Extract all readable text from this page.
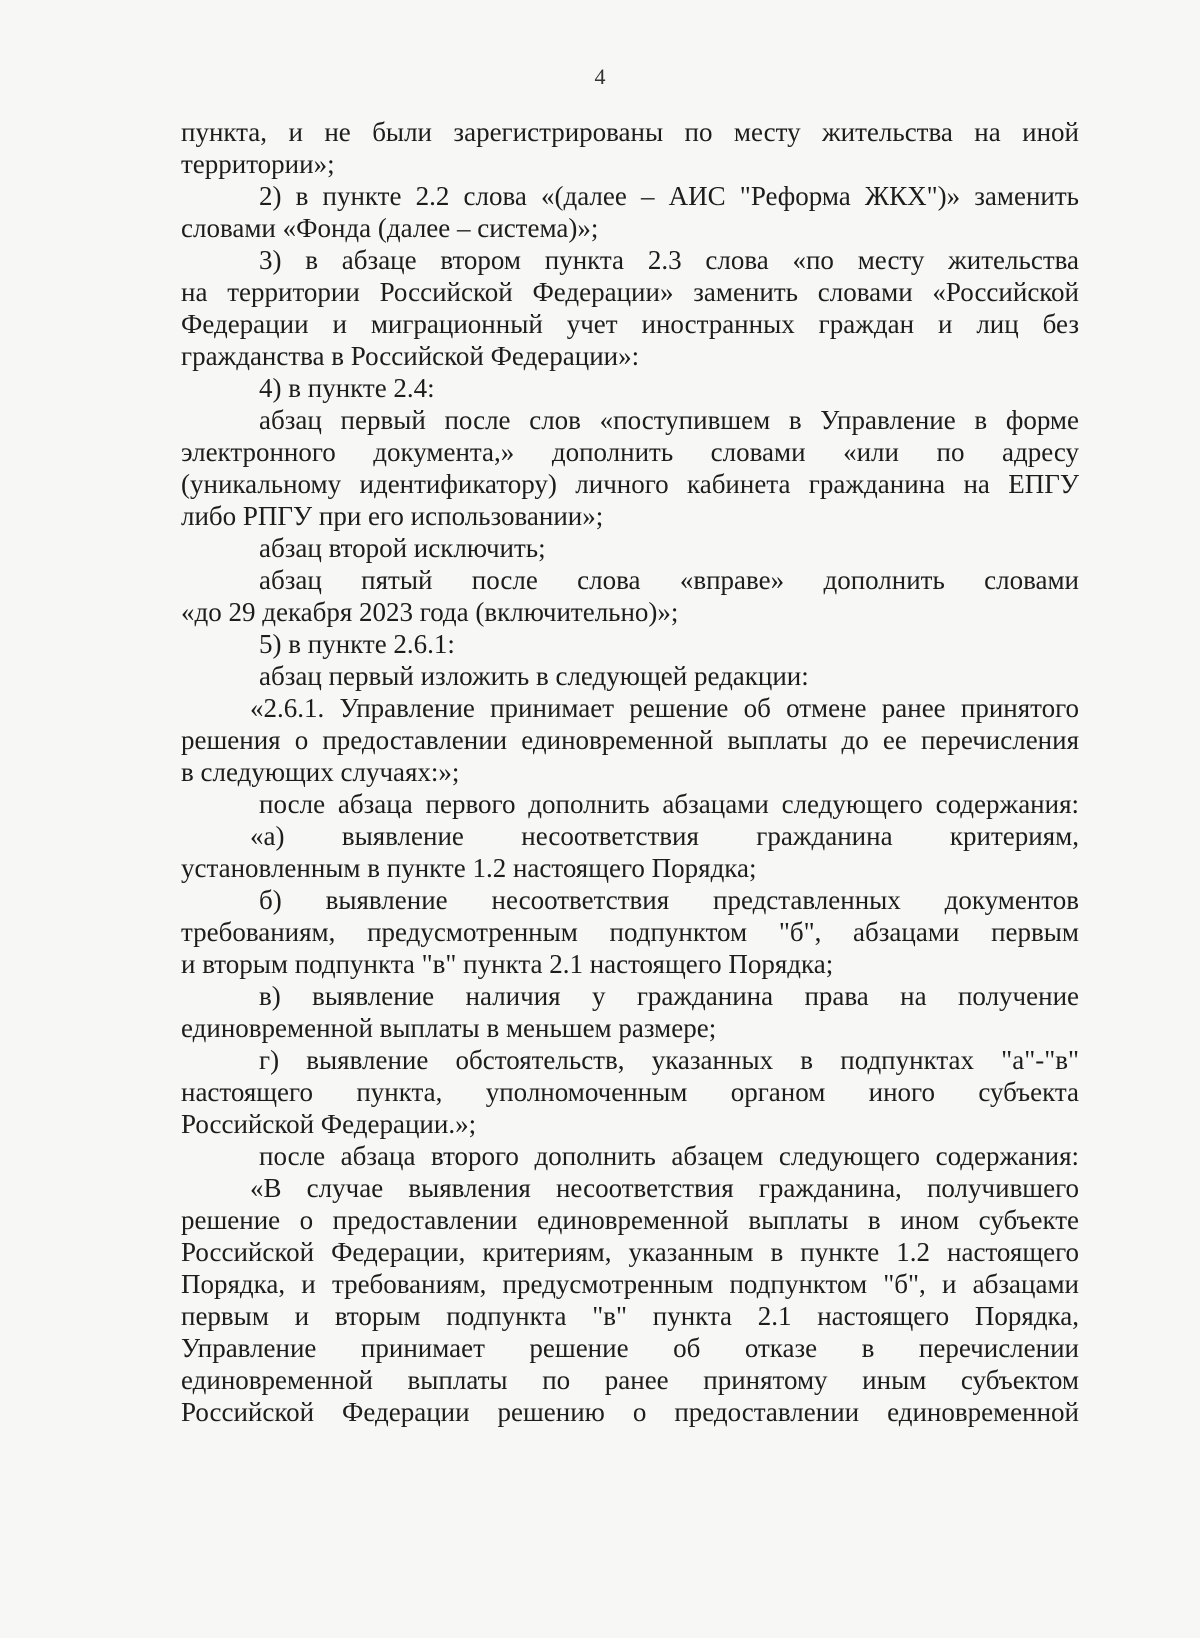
4
пункта, и не были зарегистрированы по месту жительства на иной
территории»;
2) в пункте 2.2 слова «(далее – АИС "Реформа ЖКХ")» заменить
словами «Фонда (далее – система)»;
3) в абзаце втором пункта 2.3 слова «по месту жительства
на территории Российской Федерации» заменить словами «Российской
Федерации и миграционный учет иностранных граждан и лиц без
гражданства в Российской Федерации»:
4) в пункте 2.4:
абзац первый после слов «поступившем в Управление в форме
электронного документа,» дополнить словами «или по адресу
(уникальному идентификатору) личного кабинета гражданина на ЕПГУ
либо РПГУ при его использовании»;
абзац второй исключить;
абзац пятый после слова «вправе» дополнить словами
«до 29 декабря 2023 года (включительно)»;
5) в пункте 2.6.1:
абзац первый изложить в следующей редакции:
«2.6.1. Управление принимает решение об отмене ранее принятого
решения о предоставлении единовременной выплаты до ее перечисления
в следующих случаях:»;
после абзаца первого дополнить абзацами следующего содержания:
«а) выявление несоответствия гражданина критериям,
установленным в пункте 1.2 настоящего Порядка;
б) выявление несоответствия представленных документов
требованиям, предусмотренным подпунктом "б", абзацами первым
и вторым подпункта "в" пункта 2.1 настоящего Порядка;
в) выявление наличия у гражданина права на получение
единовременной выплаты в меньшем размере;
г) выявление обстоятельств, указанных в подпунктах "а"-"в"
настоящего пункта, уполномоченным органом иного субъекта
Российской Федерации.»;
после абзаца второго дополнить абзацем следующего содержания:
«В случае выявления несоответствия гражданина, получившего
решение о предоставлении единовременной выплаты в ином субъекте
Российской Федерации, критериям, указанным в пункте 1.2 настоящего
Порядка, и требованиям, предусмотренным подпунктом "б", и абзацами
первым и вторым подпункта "в" пункта 2.1 настоящего Порядка,
Управление принимает решение об отказе в перечислении
единовременной выплаты по ранее принятому иным субъектом
Российской Федерации решению о предоставлении единовременной
